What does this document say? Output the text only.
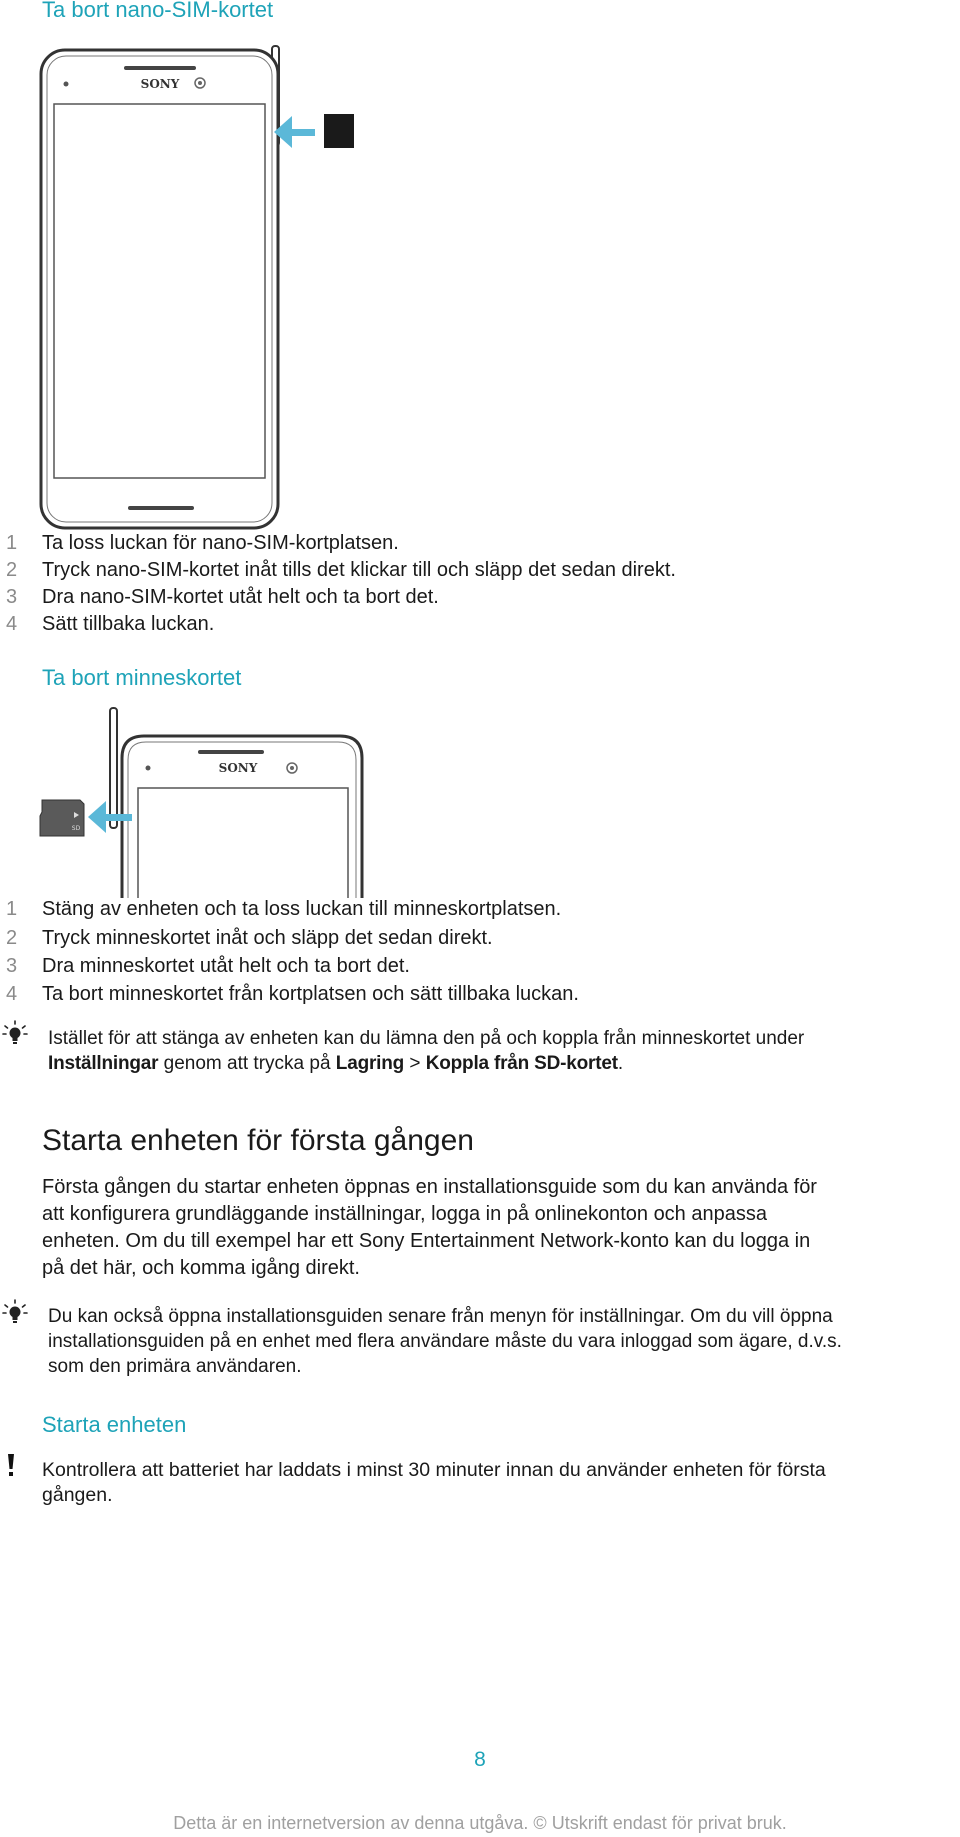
Ta bort nano-SIM-kortet
SONY
1 Ta loss luckan för nano-SIM-kortplatsen.
2 Tryck nano-SIM-kortet inåt tills det klickar till och släpp det sedan direkt.
3 Dra nano-SIM-kortet utåt helt och ta bort det.
4 Sätt tillbaka luckan.
Ta bort minneskortet
SONY
SD
1 Stäng av enheten och ta loss luckan till minneskortplatsen.
2 Tryck minneskortet inåt och släpp det sedan direkt.
3 Dra minneskortet utåt helt och ta bort det.
4 Ta bort minneskortet från kortplatsen och sätt tillbaka luckan.
Istället för att stänga av enheten kan du lämna den på och koppla från minneskortet under
Inställningar genom att trycka på Lagring > Koppla från SD-kortet.
Starta enheten för första gången
Första gången du startar enheten öppnas en installationsguide som du kan använda för
att konfigurera grundläggande inställningar, logga in på onlinekonton och anpassa
enheten. Om du till exempel har ett Sony Entertainment Network-konto kan du logga in
på det här, och komma igång direkt.
Du kan också öppna installationsguiden senare från menyn för inställningar. Om du vill öppna
installationsguiden på en enhet med flera användare måste du vara inloggad som ägare, d.v.s.
som den primära användaren.
Starta enheten
Kontrollera att batteriet har laddats i minst 30 minuter innan du använder enheten för första
gången.
8
Detta är en internetversion av denna utgåva. © Utskrift endast för privat bruk.
